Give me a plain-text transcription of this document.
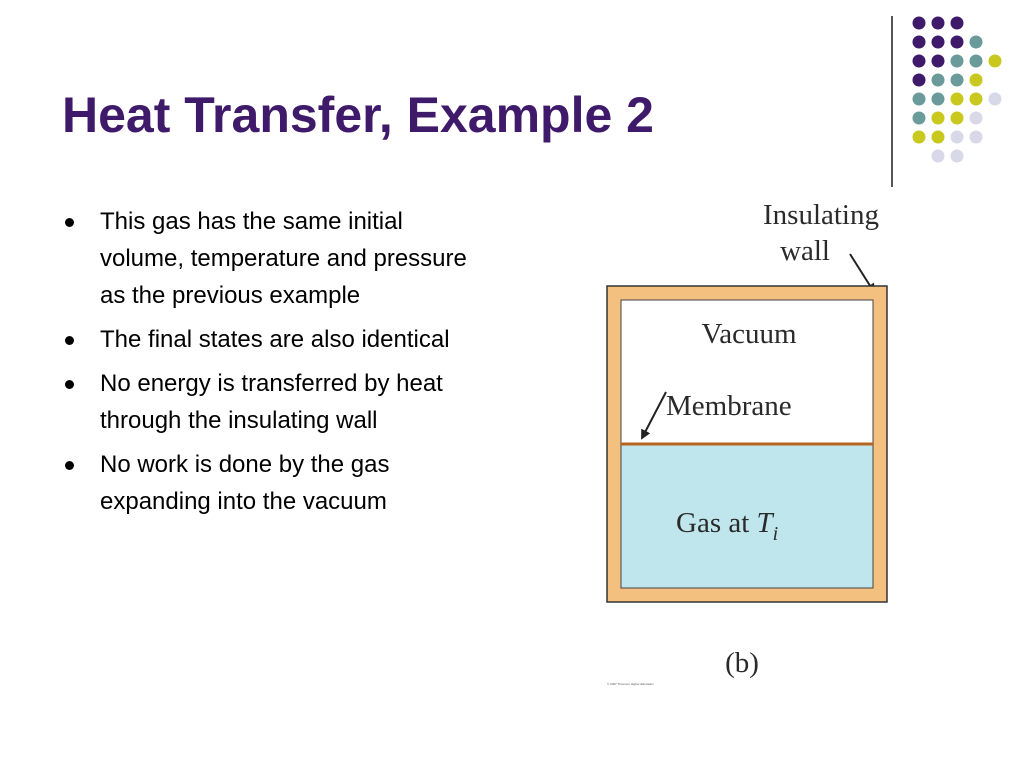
Heat Transfer, Example 2
This gas has the same initial volume, temperature and pressure as the previous example
The final states are also identical
No energy is transferred by heat through the insulating wall
No work is done by the gas expanding into the vacuum
Insulating
wall
Vacuum
Membrane
Gas at $T_i$
(b)
© 2007 Thomson Higher Education
